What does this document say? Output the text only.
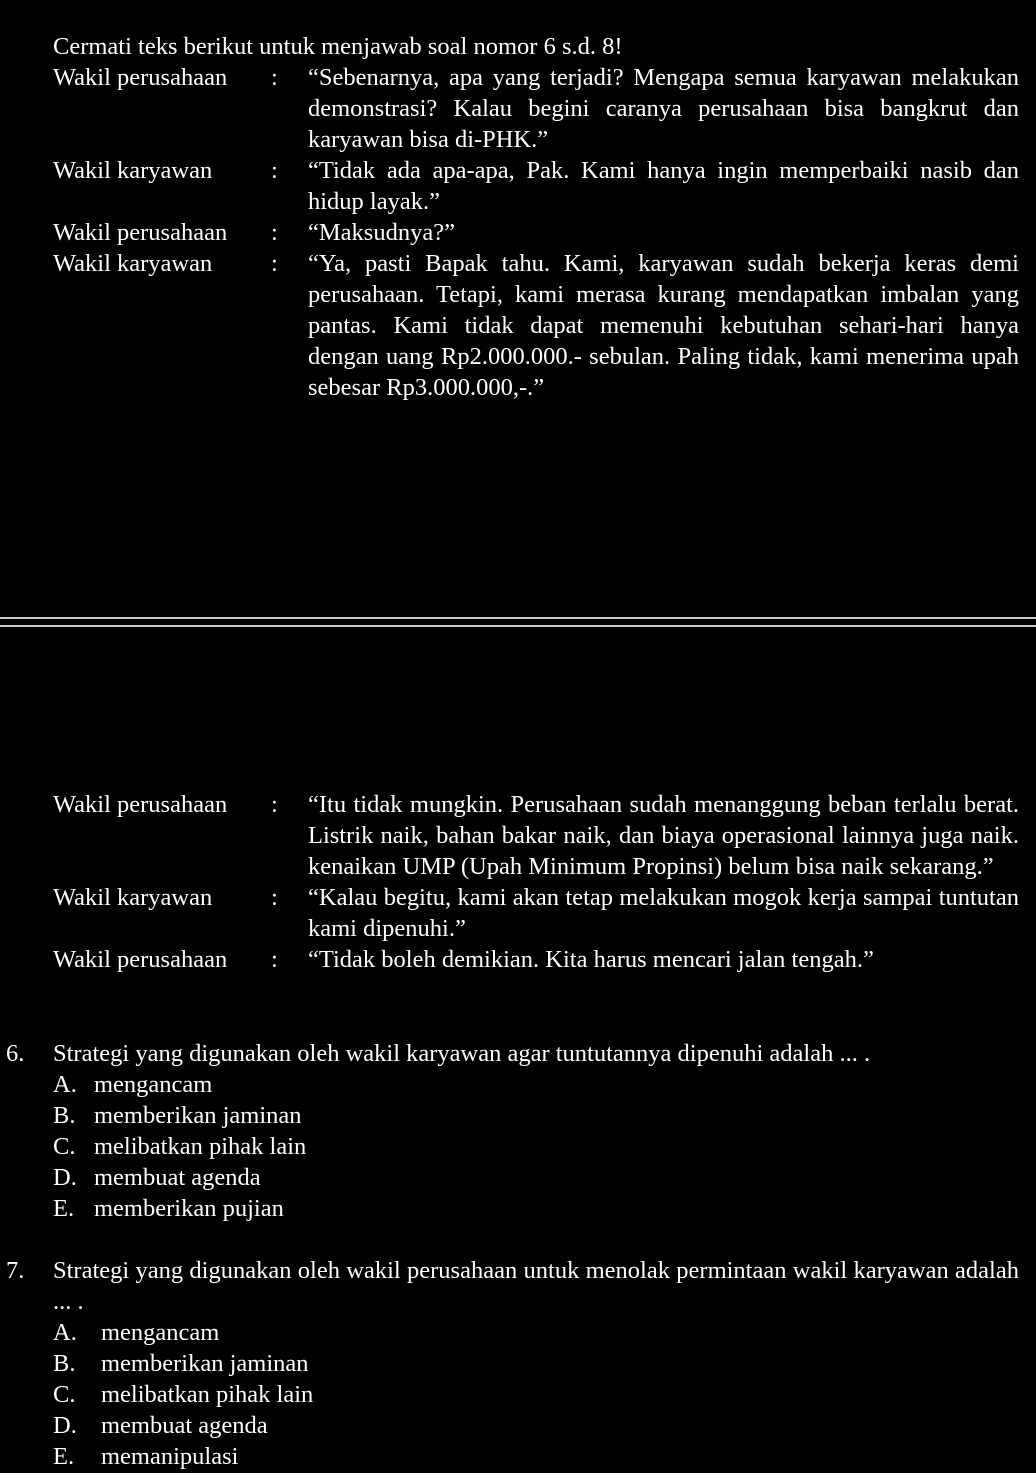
Cermati teks berikut untuk menjawab soal nomor 6 s.d. 8!

Wakil perusahaan	:	“Sebenarnya, apa yang terjadi? Mengapa semua karyawan melakukan demonstrasi? Kalau begini caranya perusahaan bisa bangkrut dan karyawan bisa di-PHK.”
Wakil karyawan	:	“Tidak ada apa-apa, Pak. Kami hanya ingin memperbaiki nasib dan hidup layak.”
Wakil perusahaan	:	“Maksudnya?”
Wakil karyawan	:	“Ya, pasti Bapak tahu. Kami, karyawan sudah bekerja keras demi perusahaan. Tetapi, kami merasa kurang mendapatkan imbalan yang pantas. Kami tidak dapat memenuhi kebutuhan sehari-hari hanya dengan uang Rp2.000.000.- sebulan. Paling tidak, kami menerima upah sebesar Rp3.000.000,-.”
Wakil perusahaan	:	“Itu tidak mungkin. Perusahaan sudah menanggung beban terlalu berat. Listrik naik, bahan bakar naik, dan biaya operasional lainnya juga naik. kenaikan UMP (Upah Minimum Propinsi) belum bisa naik sekarang.”
Wakil karyawan	:	“Kalau begitu, kami akan tetap melakukan mogok kerja sampai tuntutan kami dipenuhi.”
Wakil perusahaan	:	“Tidak boleh demikian. Kita harus mencari jalan tengah.”
6.	Strategi yang digunakan oleh wakil karyawan agar tuntutannya dipenuhi adalah ... .
A. mengancam
B. memberikan jaminan
C. melibatkan pihak lain
D. membuat agenda
E. memberikan pujian
7.	Strategi yang digunakan oleh wakil perusahaan untuk menolak permintaan wakil karyawan adalah ... .
A. mengancam
B.	memberikan jaminan
C.	melibatkan pihak lain
D. membuat agenda
E.	memanipulasi
